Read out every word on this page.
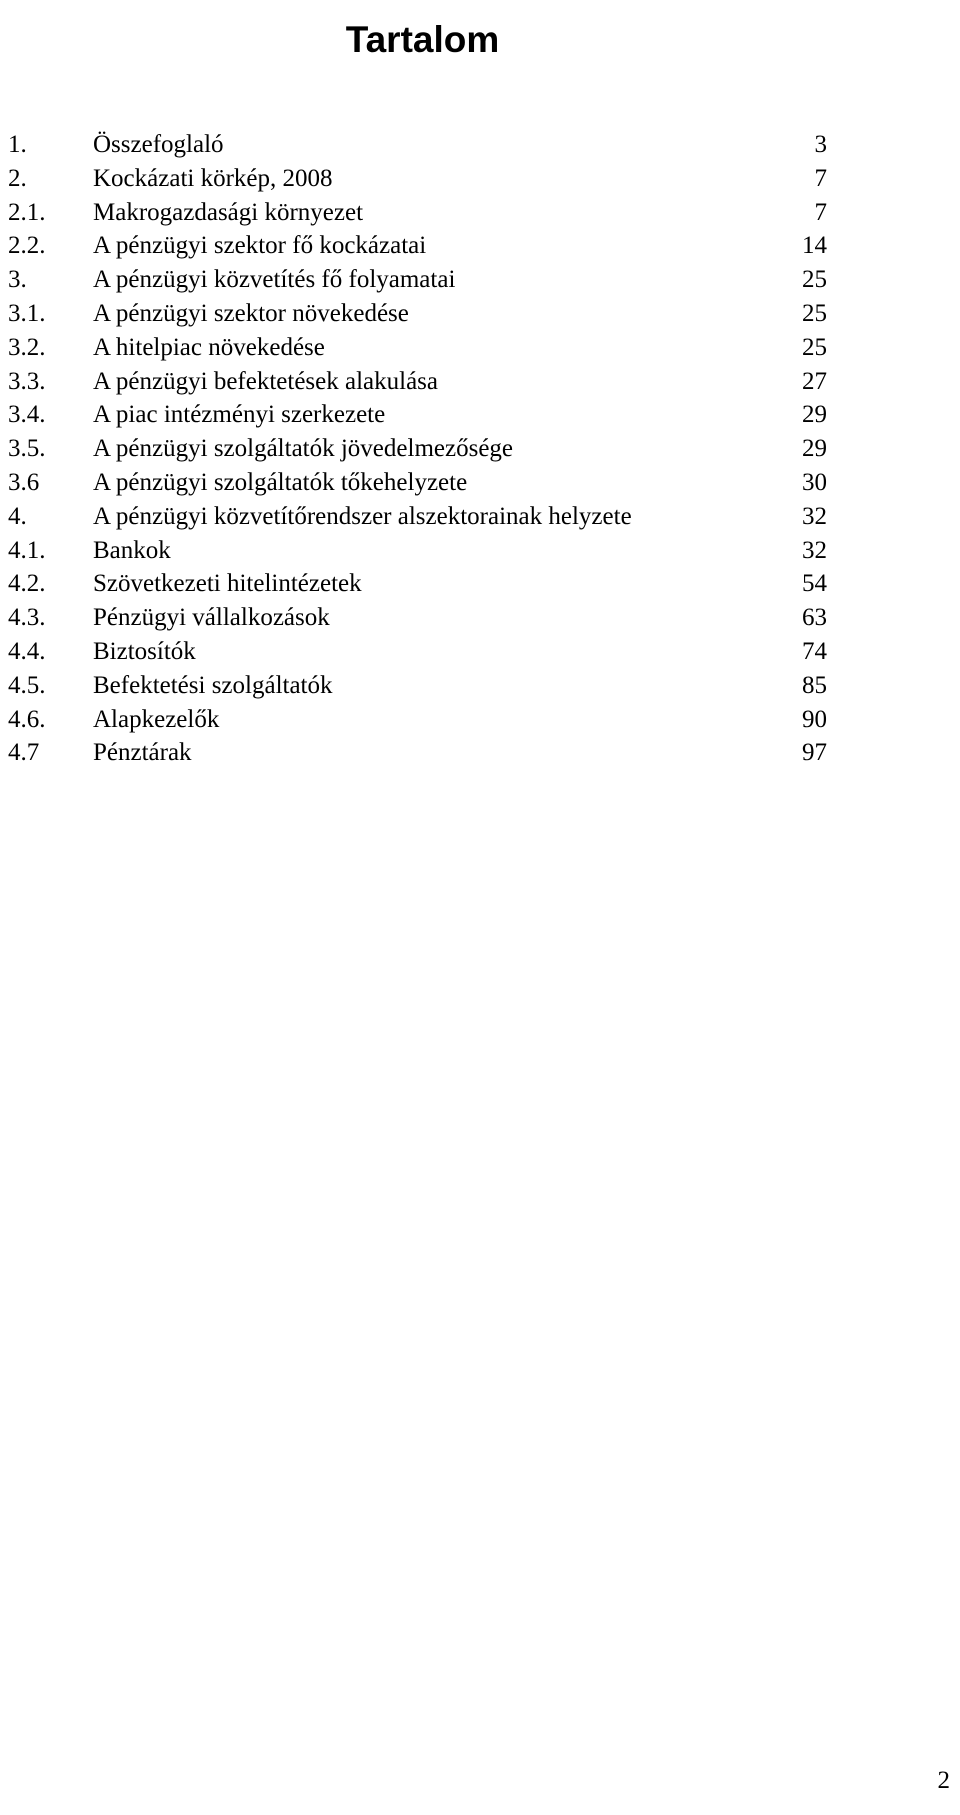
Tartalom
1.	Összefoglaló	3
2.	Kockázati körkép, 2008	7
2.1. Makrogazdasági környezet	7
2.2. A pénzügyi szektor fő kockázatai	14
3.	A pénzügyi közvetítés fő folyamatai	25
3.1. A pénzügyi szektor növekedése	25
3.2. A hitelpiac növekedése	25
3.3. A pénzügyi befektetések alakulása	27
3.4. A piac intézményi szerkezete	29
3.5. A pénzügyi szolgáltatók jövedelmezősége	29
3.6 A pénzügyi szolgáltatók tőkehelyzete	30
4.	A pénzügyi közvetítőrendszer alszektorainak helyzete	32
4.1. Bankok	32
4.2. Szövetkezeti hitelintézetek	54
4.3. Pénzügyi vállalkozások	63
4.4. Biztosítók	74
4.5. Befektetési szolgáltatók	85
4.6. Alapkezelők	90
4.7 Pénztárak	97
2
